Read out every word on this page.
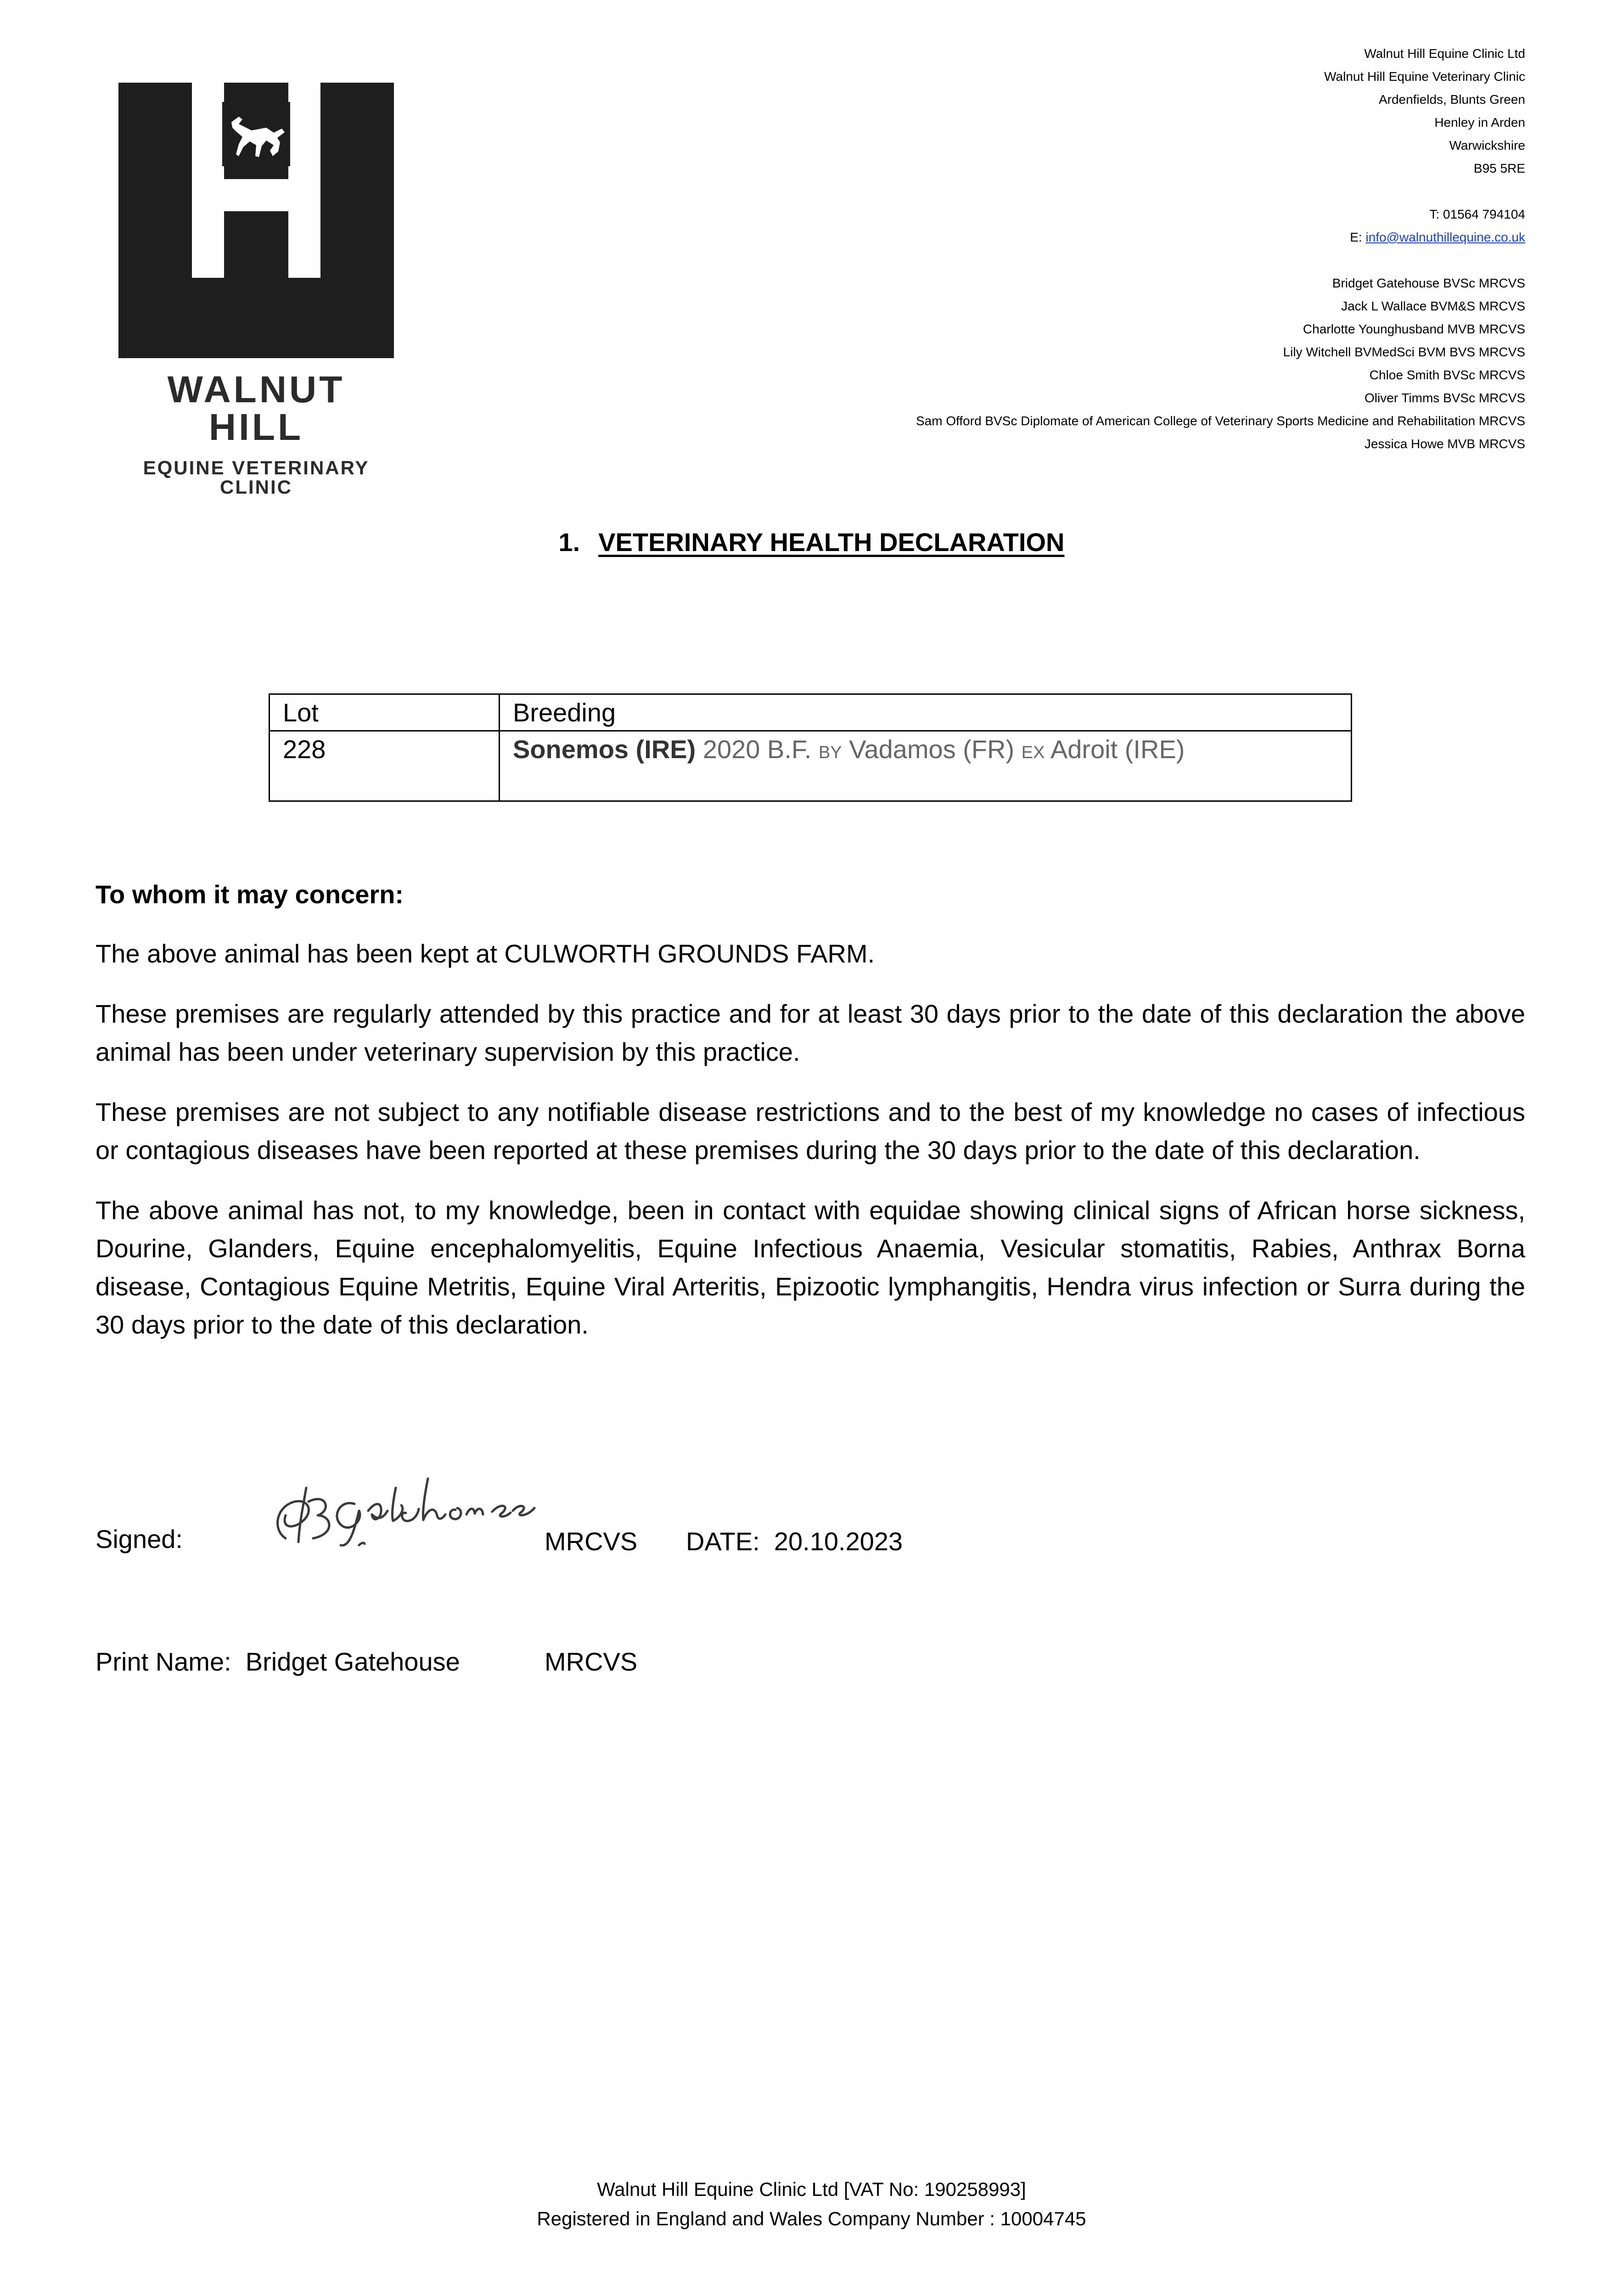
WALNUT HILL
EQUINE VETERINARY CLINIC
Walnut Hill Equine Clinic Ltd
Walnut Hill Equine Veterinary Clinic
Ardenfields, Blunts Green
Henley in Arden
Warwickshire
B95 5RE
T: 01564 794104
E: info@walnuthillequine.co.uk
Bridget Gatehouse BVSc MRCVS
Jack L Wallace BVM&S MRCVS
Charlotte Younghusband MVB MRCVS
Lily Witchell BVMedSci BVM BVS MRCVS
Chloe Smith BVSc MRCVS
Oliver Timms BVSc MRCVS
Sam Offord BVSc Diplomate of American College of Veterinary Sports Medicine and Rehabilitation MRCVS
Jessica Howe MVB MRCVS
1. VETERINARY HEALTH DECLARATION
Lot	Breeding
228	Sonemos (IRE) 2020 B.F. BY Vadamos (FR) EX Adroit (IRE)

To whom it may concern:

The above animal has been kept at CULWORTH GROUNDS FARM.

These premises are regularly attended by this practice and for at least 30 days prior to the date of this declaration the above animal has been under veterinary supervision by this practice.

These premises are not subject to any notifiable disease restrictions and to the best of my knowledge no cases of infectious or contagious diseases have been reported at these premises during the 30 days prior to the date of this declaration.

The above animal has not, to my knowledge, been in contact with equidae showing clinical signs of African horse sickness, Dourine, Glanders, Equine encephalomyelitis, Equine Infectious Anaemia, Vesicular stomatitis, Rabies, Anthrax Borna disease, Contagious Equine Metritis, Equine Viral Arteritis, Epizootic lymphangitis, Hendra virus infection or Surra during the 30 days prior to the date of this declaration.

Signed:	MRCVS DATE: 20.10.2023
Print Name: Bridget Gatehouse	MRCVS
Walnut Hill Equine Clinic Ltd [VAT No: 190258993]
Registered in England and Wales Company Number : 10004745
